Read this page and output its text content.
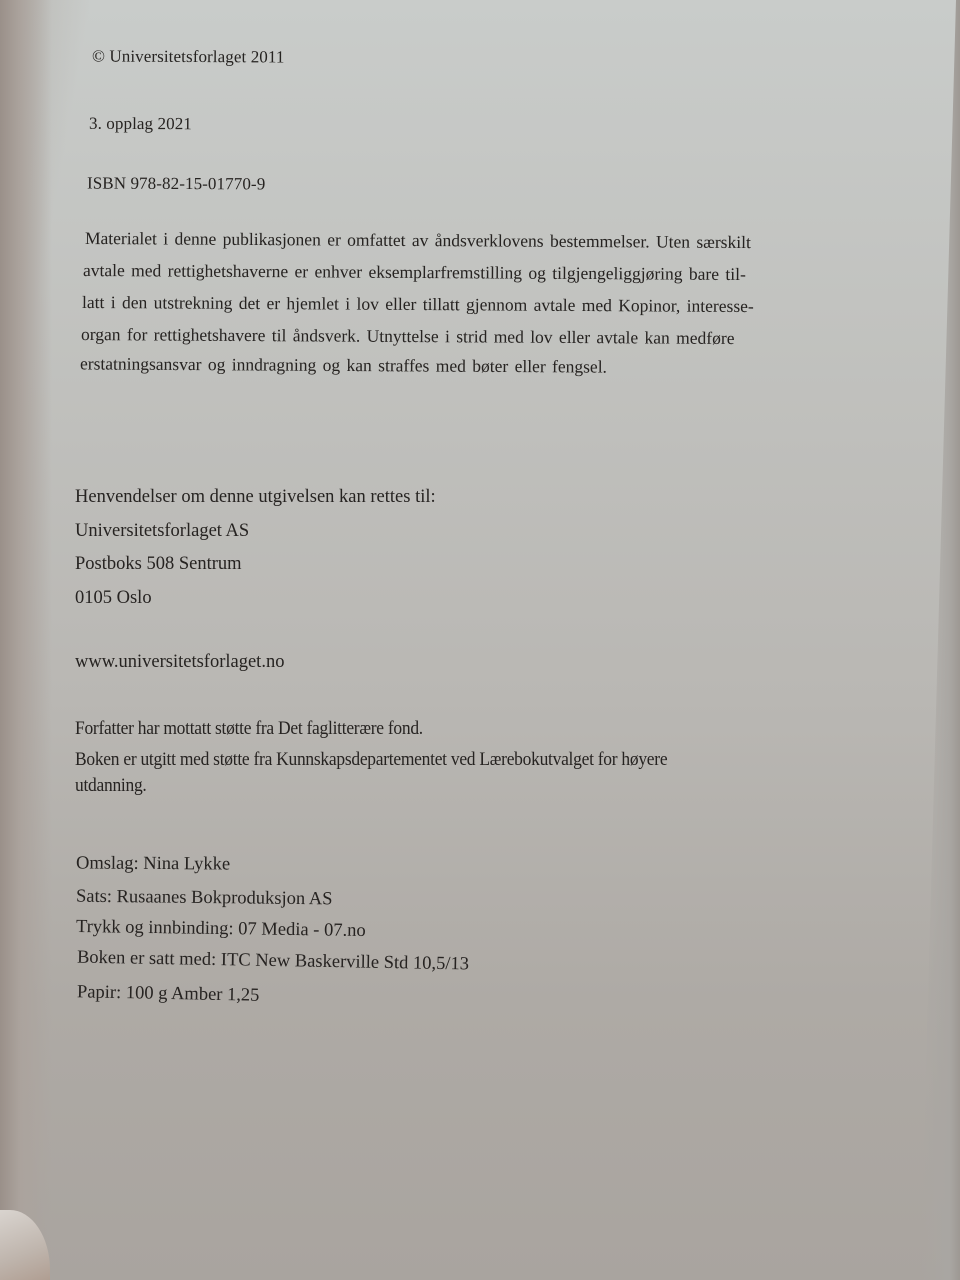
© Universitetsforlaget 2011
3. opplag 2021
ISBN 978-82-15-01770-9
Materialet i denne publikasjonen er omfattet av åndsverklovens bestemmelser. Uten særskilt
avtale med rettighetshaverne er enhver eksemplarfremstilling og tilgjengeliggjøring bare til-
latt i den utstrekning det er hjemlet i lov eller tillatt gjennom avtale med Kopinor, interesse-
organ for rettighetshavere til åndsverk. Utnyttelse i strid med lov eller avtale kan medføre
erstatningsansvar og inndragning og kan straffes med bøter eller fengsel.
Henvendelser om denne utgivelsen kan rettes til:
Universitetsforlaget AS
Postboks 508 Sentrum
0105 Oslo
www.universitetsforlaget.no
Forfatter har mottatt støtte fra Det faglitterære fond.
Boken er utgitt med støtte fra Kunnskapsdepartementet ved Lærebokutvalget for høyere
utdanning.
Omslag: Nina Lykke
Sats: Rusaanes Bokproduksjon AS
Trykk og innbinding: 07 Media - 07.no
Boken er satt med: ITC New Baskerville Std 10,5/13
Papir: 100 g Amber 1,25
